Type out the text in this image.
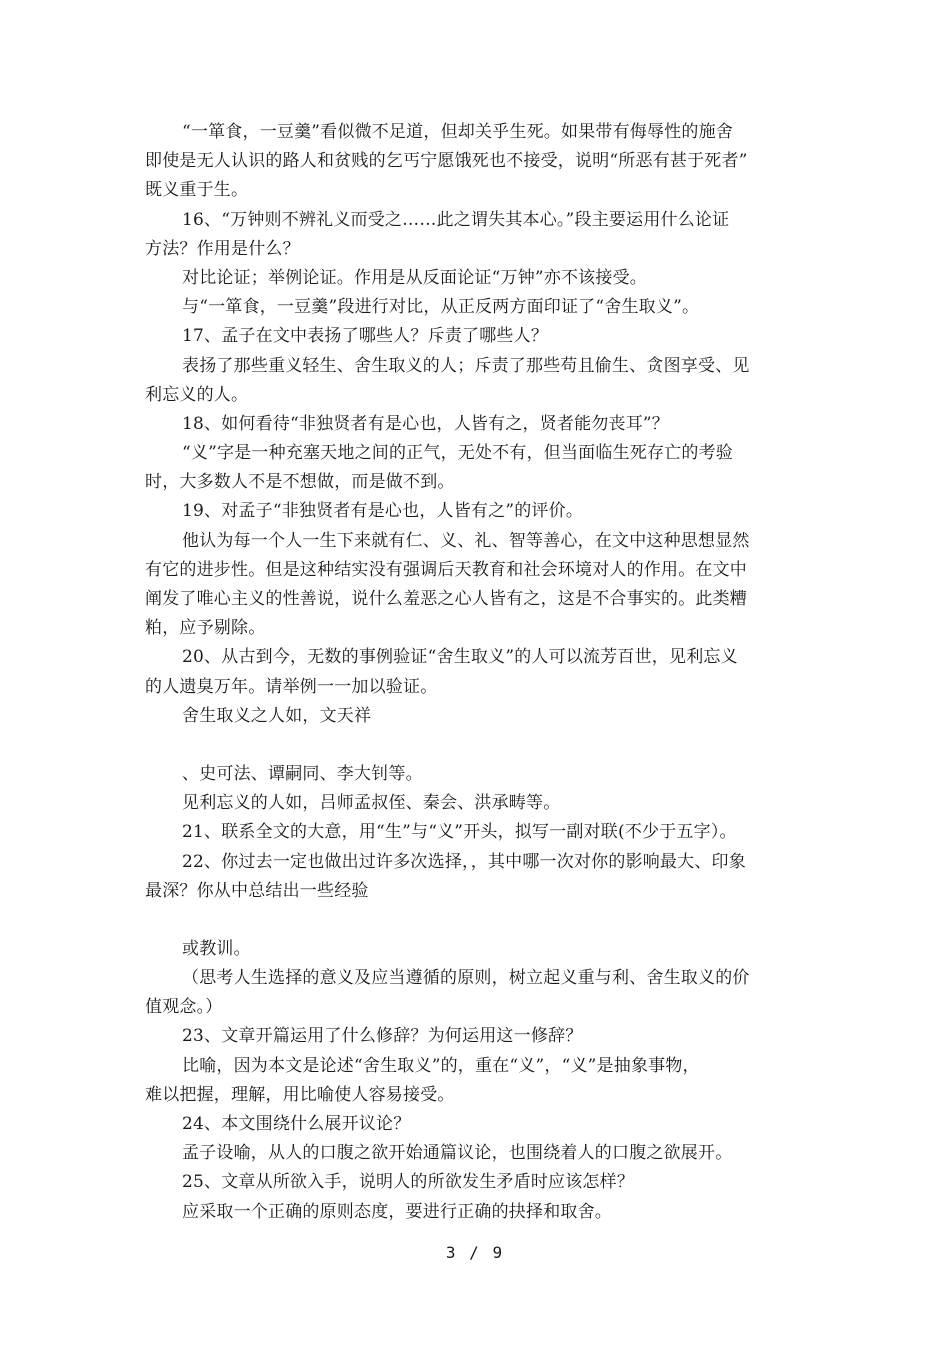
“一箪食，一豆羹”看似微不足道，但却关乎生死。如果带有侮辱性的施舍
即使是无人认识的路人和贫贱的乞丐宁愿饿死也不接受，说明“所恶有甚于死者”
既义重于生。
16、“万钟则不辨礼义而受之……此之谓失其本心。”段主要运用什么论证
方法？作用是什么？
对比论证；举例论证。作用是从反面论证“万钟”亦不该接受。
与“一箪食，一豆羹”段进行对比，从正反两方面印证了“舍生取义”。
17、孟子在文中表扬了哪些人？斥责了哪些人？
表扬了那些重义轻生、舍生取义的人；斥责了那些苟且偷生、贪图享受、见
利忘义的人。
18、如何看待“非独贤者有是心也，人皆有之，贤者能勿丧耳”？
“义”字是一种充塞天地之间的正气，无处不有，但当面临生死存亡的考验
时，大多数人不是不想做，而是做不到。
19、对孟子“非独贤者有是心也，人皆有之”的评价。
他认为每一个人一生下来就有仁、义、礼、智等善心，在文中这种思想显然
有它的进步性。但是这种结实没有强调后天教育和社会环境对人的作用。在文中
阐发了唯心主义的性善说，说什么羞恶之心人皆有之，这是不合事实的。此类糟
粕，应予剔除。
20、从古到今，无数的事例验证“舍生取义”的人可以流芳百世，见利忘义
的人遗臭万年。请举例一一加以验证。
舍生取义之人如，文天祥
、史可法、谭嗣同、李大钊等。
见利忘义的人如，吕师孟叔侄、秦会、洪承畴等。
21、联系全文的大意，用“生”与“义”开头，拟写一副对联(不少于五字）。
22、你过去一定也做出过许多次选择，，其中哪一次对你的影响最大、印象
最深？你从中总结出一些经验
或教训。
（思考人生选择的意义及应当遵循的原则，树立起义重与利、舍生取义的价
值观念。）
23、文章开篇运用了什么修辞？为何运用这一修辞？
比喻，因为本文是论述“舍生取义”的，重在“义”，“义”是抽象事物，
难以把握，理解，用比喻使人容易接受。
24、本文围绕什么展开议论？
孟子设喻，从人的口腹之欲开始通篇议论，也围绕着人的口腹之欲展开。
25、文章从所欲入手，说明人的所欲发生矛盾时应该怎样？
应采取一个正确的原则态度，要进行正确的抉择和取舍。
3 / 9
